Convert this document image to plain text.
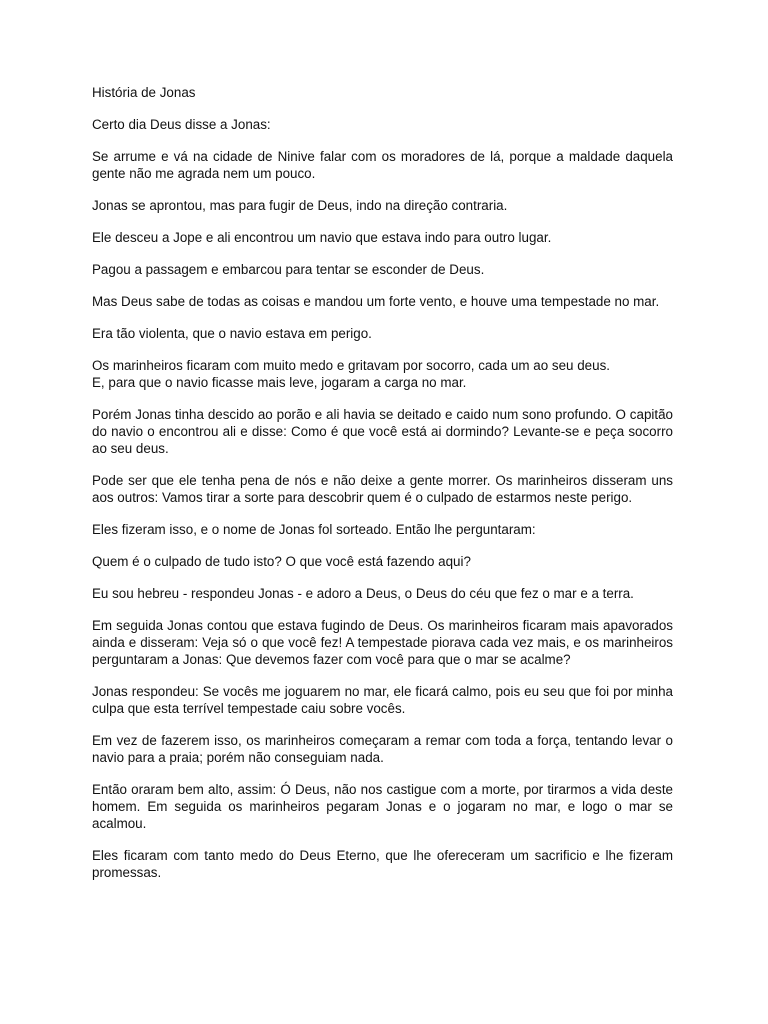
História de Jonas
Certo dia Deus disse a Jonas:
Se arrume e vá na cidade de Ninive falar com os moradores de lá, porque a maldade daquela gente não me agrada nem um pouco.
Jonas se aprontou, mas para fugir de Deus, indo na direção contraria.
Ele desceu a Jope e ali encontrou um navio que estava indo para outro lugar.
Pagou a passagem e embarcou para tentar se esconder de Deus.
Mas Deus sabe de todas as coisas e mandou um forte vento, e houve uma tempestade no mar.
Era tão violenta, que o navio estava em perigo.
Os marinheiros ficaram com muito medo e gritavam por socorro, cada um ao seu deus.
E, para que o navio ficasse mais leve, jogaram a carga no mar.
Porém Jonas tinha descido ao porão e ali havia se deitado e caido num sono profundo. O capitão do navio o encontrou ali e disse: Como é que você está ai dormindo? Levante-se e peça socorro ao seu deus.
Pode ser que ele tenha pena de nós e não deixe a gente morrer. Os marinheiros disseram uns aos outros: Vamos tirar a sorte para descobrir quem é o culpado de estarmos neste perigo.
Eles fizeram isso, e o nome de Jonas fol sorteado. Então lhe perguntaram:
Quem é o culpado de tudo isto? O que você está fazendo aqui?
Eu sou hebreu - respondeu Jonas - e adoro a Deus, o Deus do céu que fez o mar e a terra.
Em seguida Jonas contou que estava fugindo de Deus. Os marinheiros ficaram mais apavorados ainda e disseram: Veja só o que você fez! A tempestade piorava cada vez mais, e os marinheiros perguntaram a Jonas: Que devemos fazer com você para que o mar se acalme?
Jonas respondeu: Se vocês me joguarem no mar, ele ficará calmo, pois eu seu que foi por minha culpa que esta terrível tempestade caiu sobre vocês.
Em vez de fazerem isso, os marinheiros começaram a remar com toda a força, tentando levar o navio para a praia; porém não conseguiam nada.
Então oraram bem alto, assim: Ó Deus, não nos castigue com a morte, por tirarmos a vida deste homem. Em seguida os marinheiros pegaram Jonas e o jogaram no mar, e logo o mar se acalmou.
Eles ficaram com tanto medo do Deus Eterno, que lhe ofereceram um sacrificio e lhe fizeram promessas.
